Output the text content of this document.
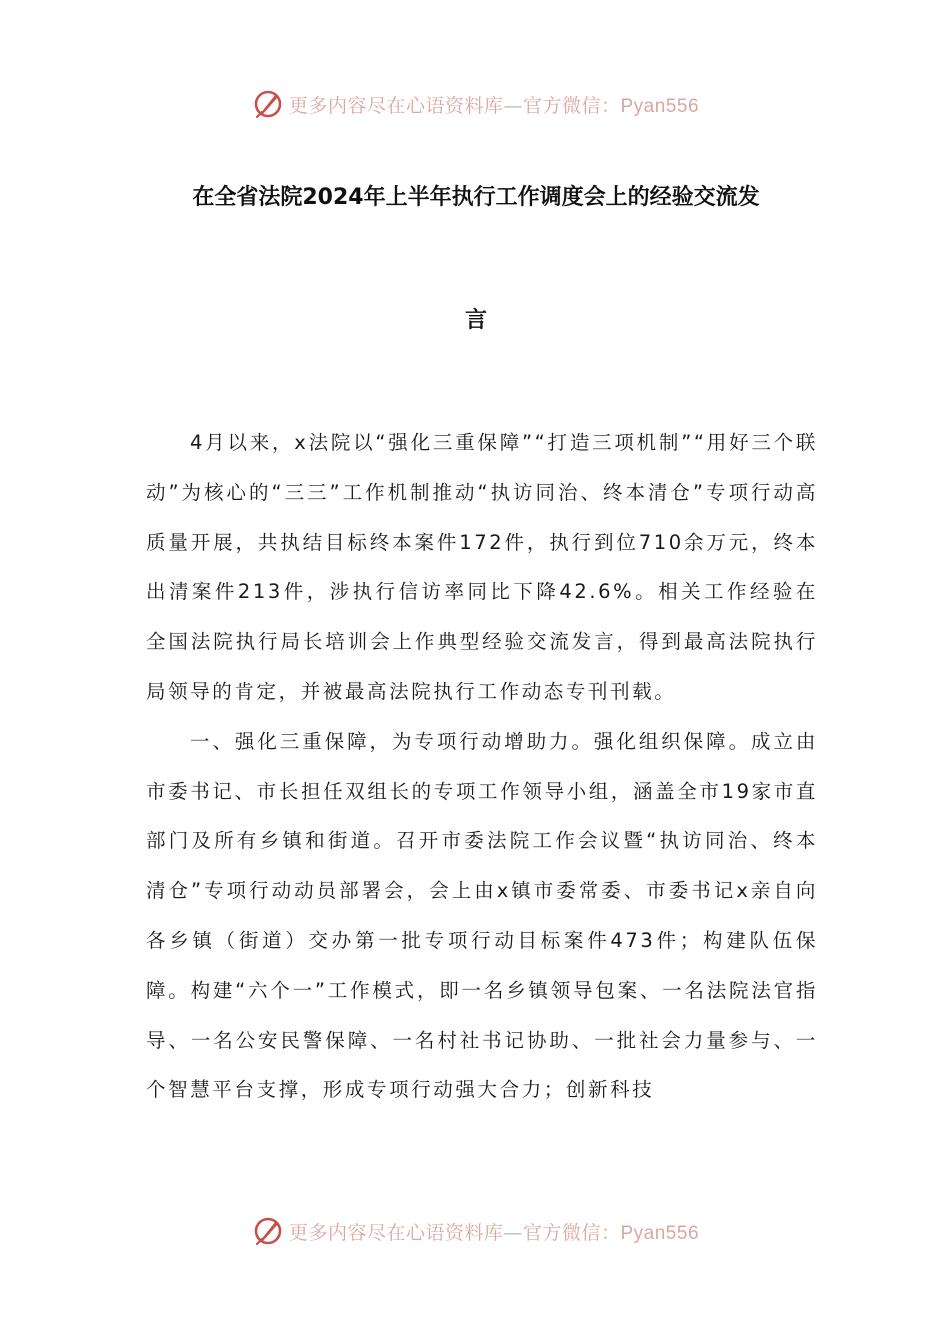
更多内容尽在心语资料库—官方微信：Pyan556
在全省法院2024年上半年执行工作调度会上的经验交流发
言

4月以来，x法院以“强化三重保障”“打造三项机制”“用好三个联动”为核心的“三三”工作机制推动“执访同治、终本清仓”专项行动高质量开展，共执结目标终本案件172件，执行到位710余万元，终本出清案件213件，涉执行信访率同比下降42.6%。相关工作经验在全国法院执行局长培训会上作典型经验交流发言，得到最高法院执行局领导的肯定，并被最高法院执行工作动态专刊刊载。

一、强化三重保障，为专项行动增助力。强化组织保障。成立由市委书记、市长担任双组长的专项工作领导小组，涵盖全市19家市直部门及所有乡镇和街道。召开市委法院工作会议暨“执访同治、终本清仓”专项行动动员部署会，会上由x镇市委常委、市委书记x亲自向各乡镇（街道）交办第一批专项行动目标案件473件；构建队伍保障。构建“六个一”工作模式，即一名乡镇领导包案、一名法院法官指导、一名公安民警保障、一名村社书记协助、一批社会力量参与、一个智慧平台支撑，形成专项行动强大合力；创新科技

更多内容尽在心语资料库—官方微信：Pyan556
